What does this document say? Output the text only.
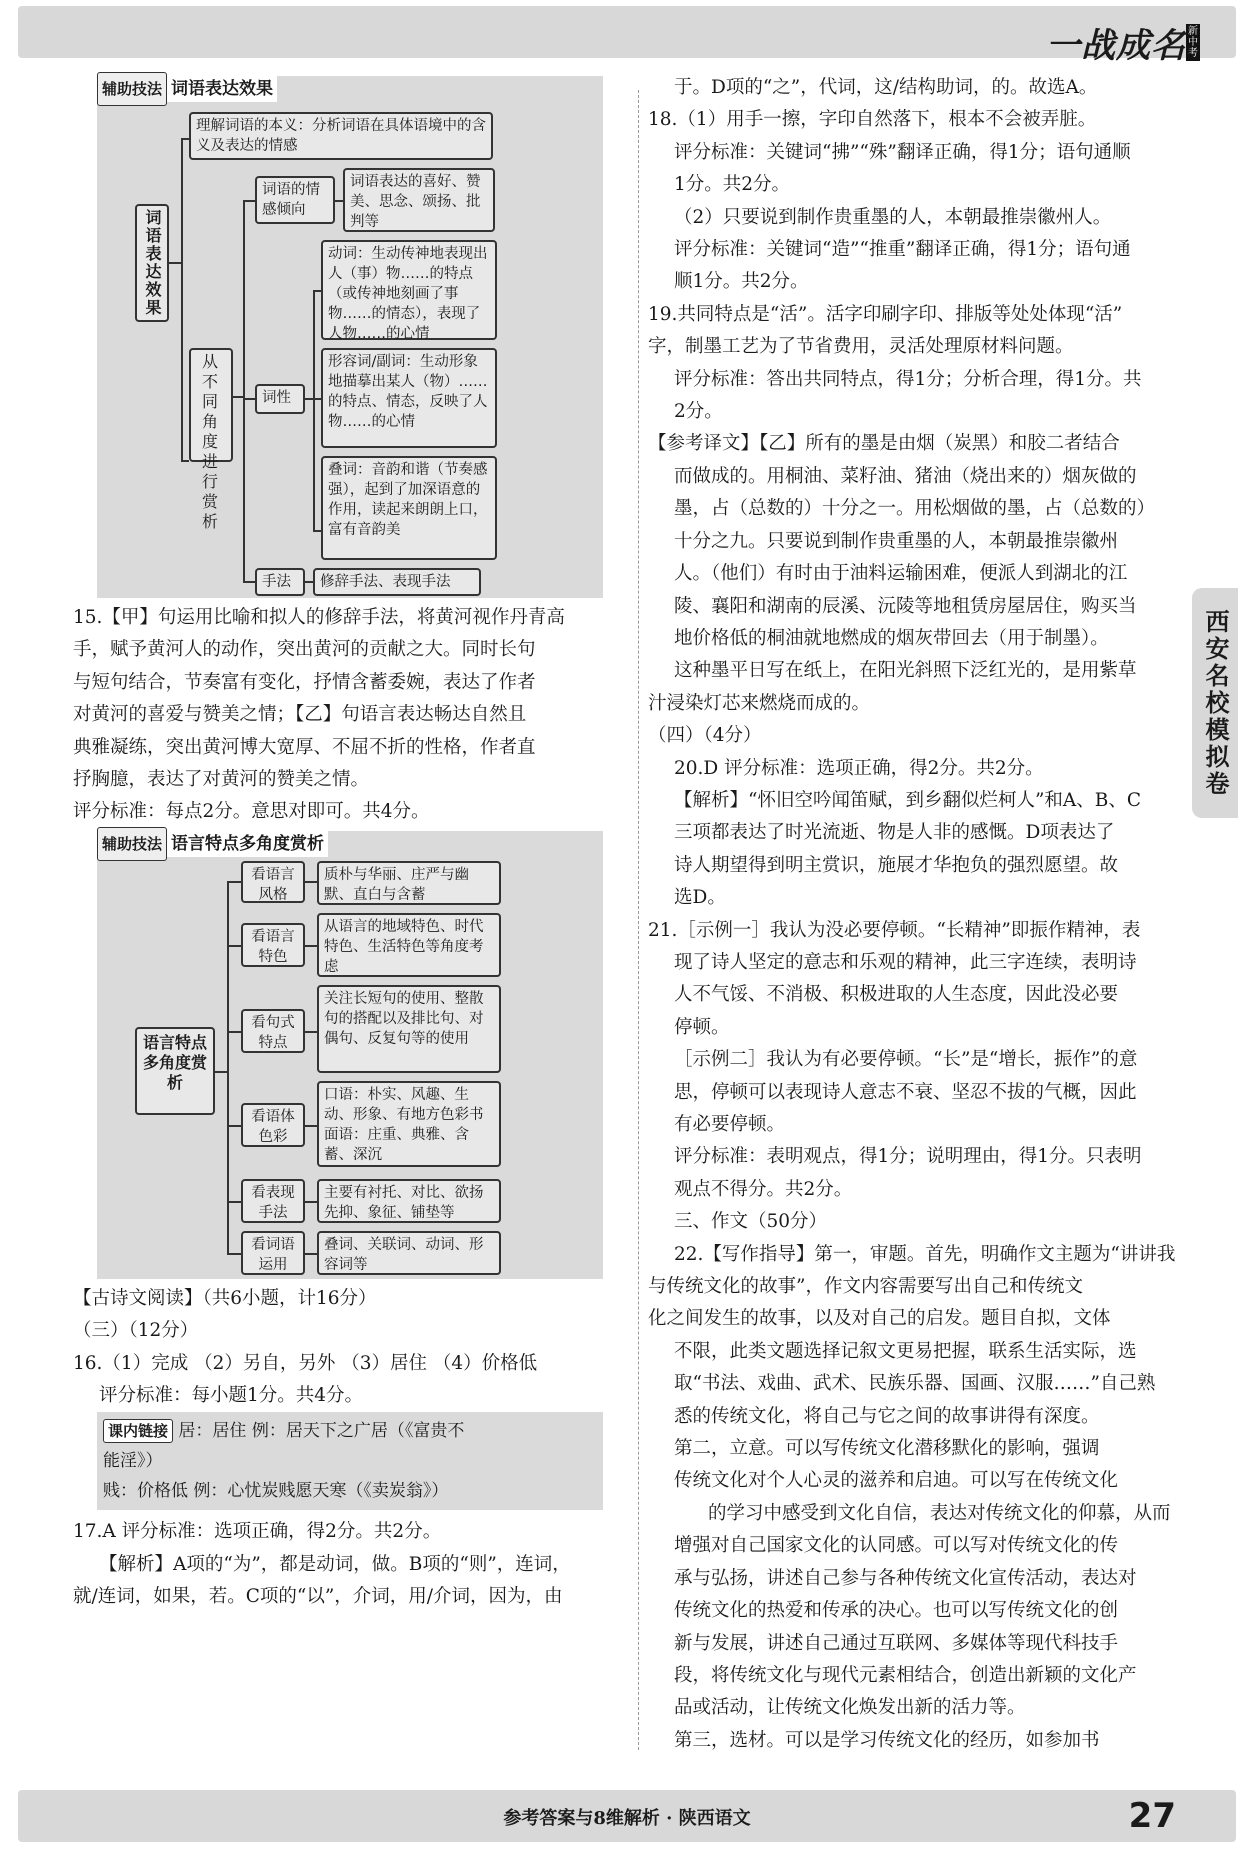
一战成名 新中考
西安名校模拟卷
辅助技法 词语表达效果
词语表达效果
理解词语的本义：分析词语在具体语境中的含义及表达的情感
从不同角度进行赏析
词语的情感倾向
词语表达的喜好、赞美、思念、颂扬、批判等
词性
动词：生动传神地表现出人（事）物……的特点（或传神地刻画了事物……的情态），表现了人物……的心情
形容词/副词：生动形象地描摹出某人（物）……的特点、情态，反映了人物……的心情
叠词：音韵和谐（节奏感强），起到了加深语意的作用，读起来朗朗上口，富有音韵美
手法	修辞手法、表现手法

15.【甲】句运用比喻和拟人的修辞手法，将黄河视作丹青高

手，赋予黄河人的动作，突出黄河的贡献之大。同时长句

与短句结合，节奏富有变化，抒情含蓄委婉，表达了作者

对黄河的喜爱与赞美之情；【乙】句语言表达畅达自然且

典雅凝练，突出黄河博大宽厚、不屈不折的性格，作者直

抒胸臆，表达了对黄河的赞美之情。

评分标准：每点2分。意思对即可。共4分。

辅助技法 语言特点多角度赏析
语言特点多角度赏析
看语言风格
质朴与华丽、庄严与幽默、直白与含蓄
看语言特色
从语言的地域特色、时代特色、生活特色等角度考虑
看句式特点
关注长短句的使用、整散句的搭配以及排比句、对偶句、反复句等的使用
看语体色彩
口语：朴实、风趣、生动、形象、有地方色彩书面语：庄重、典雅、含蓄、深沉
看表现手法
主要有衬托、对比、欲扬先抑、象征、铺垫等
看词语运用
叠词、关联词、动词、形容词等

【古诗文阅读】（共6小题，计16分）

（三）（12分）

16.（1）完成 （2）另自，另外 （3）居住 （4）价格低

评分标准：每小题1分。共4分。

课内链接 居：居住 例：居天下之广居（《富贵不

能淫》）

贱：价格低 例：心忧炭贱愿天寒（《卖炭翁》）

17.A 评分标准：选项正确，得2分。共2分。

【解析】A项的“为”，都是动词，做。B项的“则”，连词，

就/连词，如果，若。C项的“以”，介词，用/介词，因为，由

于。D项的“之”，代词，这/结构助词，的。故选A。

18.（1）用手一擦，字印自然落下，根本不会被弄脏。

评分标准：关键词“拂”“殊”翻译正确，得1分；语句通顺

1分。共2分。

（2）只要说到制作贵重墨的人，本朝最推崇徽州人。

评分标准：关键词“造”“推重”翻译正确，得1分；语句通

顺1分。共2分。

19.共同特点是“活”。活字印刷字印、排版等处处体现“活”

字，制墨工艺为了节省费用，灵活处理原材料问题。

评分标准：答出共同特点，得1分；分析合理，得1分。共

2分。

【参考译文】【乙】所有的墨是由烟（炭黑）和胶二者结合

而做成的。用桐油、菜籽油、猪油（烧出来的）烟灰做的

墨，占（总数的）十分之一。用松烟做的墨，占（总数的）

十分之九。只要说到制作贵重墨的人，本朝最推崇徽州

人。（他们）有时由于油料运输困难，便派人到湖北的江

陵、襄阳和湖南的辰溪、沅陵等地租赁房屋居住，购买当

地价格低的桐油就地燃成的烟灰带回去（用于制墨）。

这种墨平日写在纸上，在阳光斜照下泛红光的，是用紫草

汁浸染灯芯来燃烧而成的。

（四）（4分）

20.D 评分标准：选项正确，得2分。共2分。

【解析】“怀旧空吟闻笛赋，到乡翻似烂柯人”和A、B、C

三项都表达了时光流逝、物是人非的感慨。D项表达了

诗人期望得到明主赏识，施展才华抱负的强烈愿望。故

选D。

21.［示例一］我认为没必要停顿。“长精神”即振作精神，表

现了诗人坚定的意志和乐观的精神，此三字连续，表明诗

人不气馁、不消极、积极进取的人生态度，因此没必要

停顿。

［示例二］我认为有必要停顿。“长”是“增长，振作”的意

思，停顿可以表现诗人意志不衰、坚忍不拔的气概，因此

有必要停顿。

评分标准：表明观点，得1分；说明理由，得1分。只表明

观点不得分。共2分。

三、作文（50分）

22.【写作指导】第一，审题。首先，明确作文主题为“讲讲我

与传统文化的故事”，作文内容需要写出自己和传统文

化之间发生的故事，以及对自己的启发。题目自拟，文体

不限，此类文题选择记叙文更易把握，联系生活实际，选

取“书法、戏曲、武术、民族乐器、国画、汉服……”自己熟

悉的传统文化，将自己与它之间的故事讲得有深度。

第二，立意。可以写传统文化潜移默化的影响，强调

传统文化对个人心灵的滋养和启迪。可以写在传统文化

的学习中感受到文化自信，表达对传统文化的仰慕，从而

增强对自己国家文化的认同感。可以写对传统文化的传

承与弘扬，讲述自己参与各种传统文化宣传活动，表达对

传统文化的热爱和传承的决心。也可以写传统文化的创

新与发展，讲述自己通过互联网、多媒体等现代科技手

段，将传统文化与现代元素相结合，创造出新颖的文化产

品或活动，让传统文化焕发出新的活力等。

第三，选材。可以是学习传统文化的经历，如参加书

参考答案与8维解析 · 陕西语文	27
